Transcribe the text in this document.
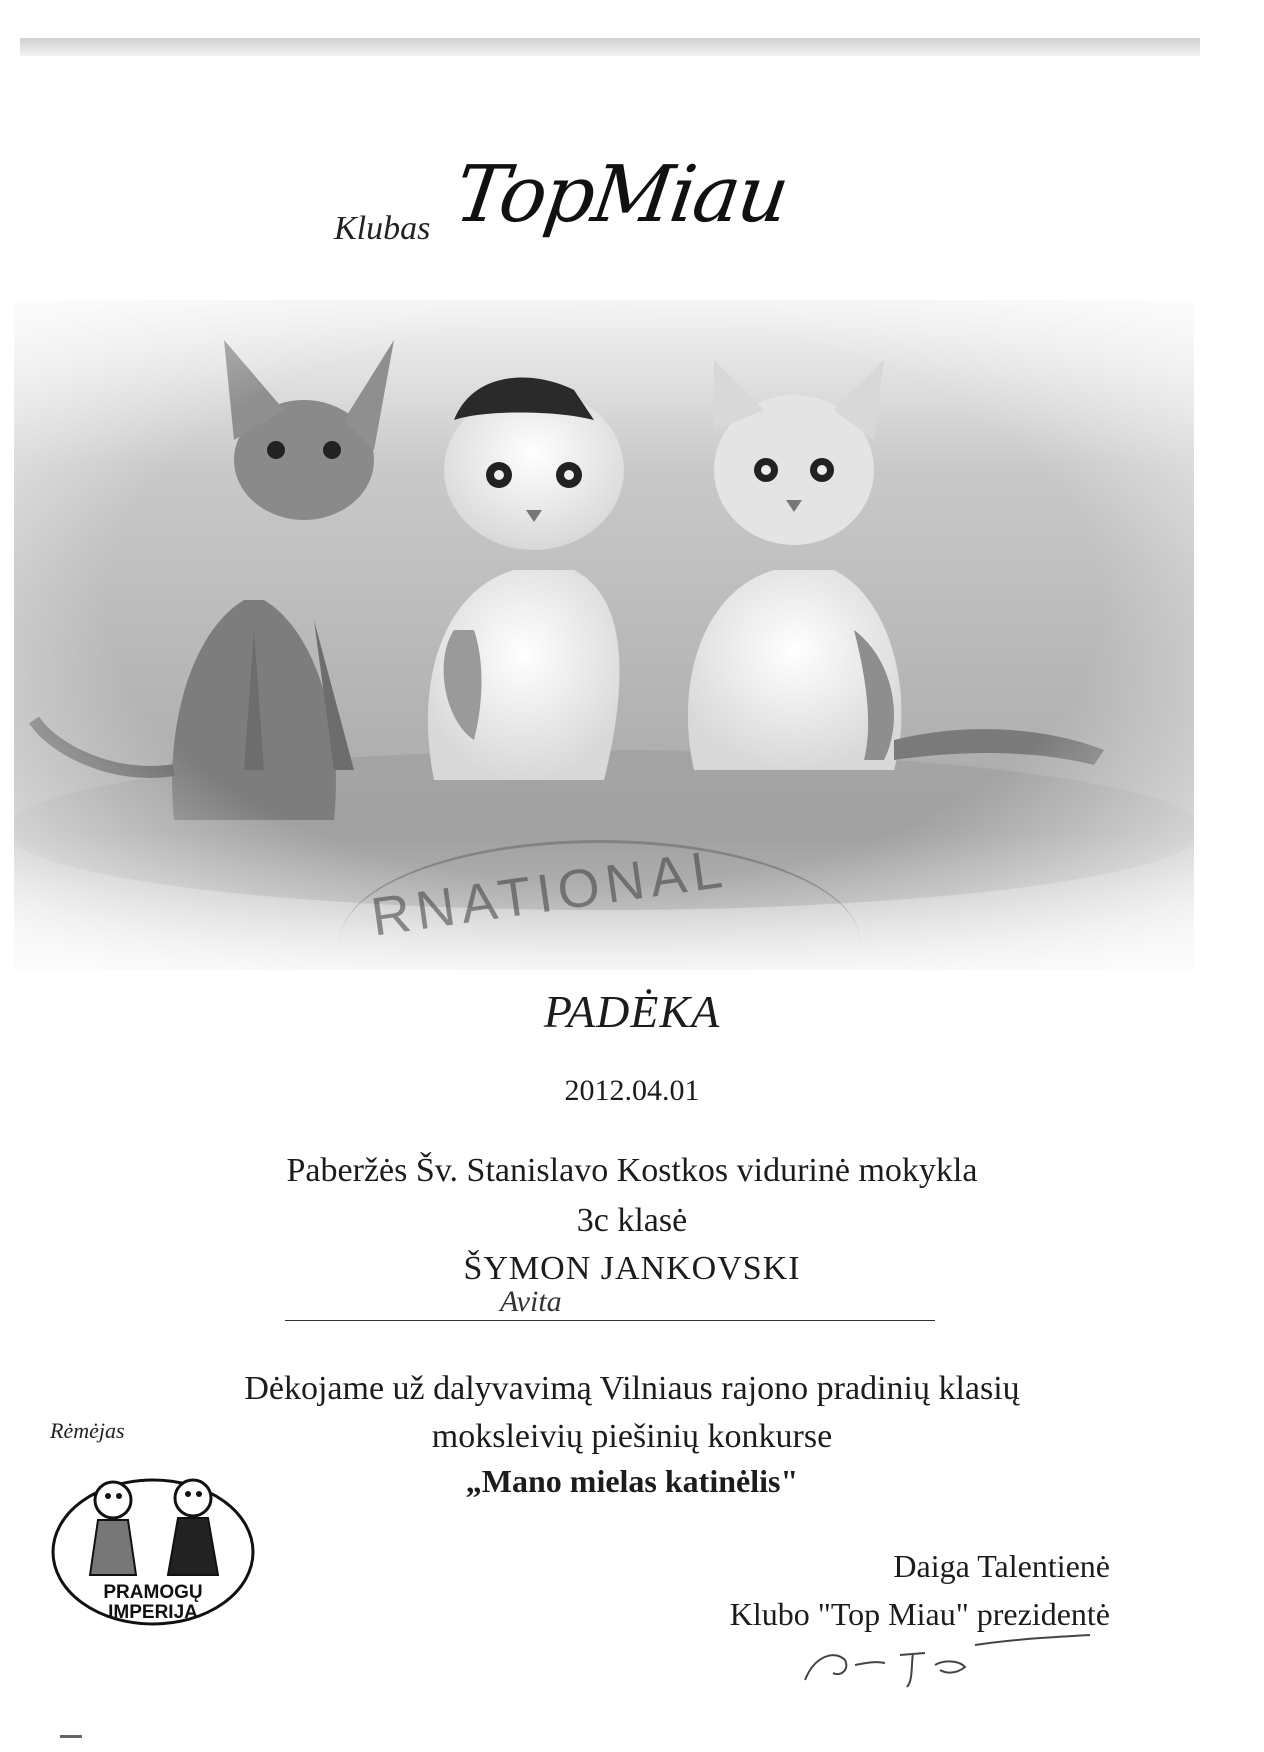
Klubas TopMiau
RNATIONAL
PADĖKA
2012.04.01
Paberžės Šv. Stanislavo Kostkos vidurinė mokykla
3c klasė
ŠYMON JANKOVSKI
Avita
Dėkojame už dalyvavimą Vilniaus rajono pradinių klasių
moksleivių piešinių konkurse
„Mano mielas katinėlis"
Rėmėjas
PRAMOGŲ
IMPERIJA
Daiga Talentienė
Klubo "Top Miau" prezidentė
